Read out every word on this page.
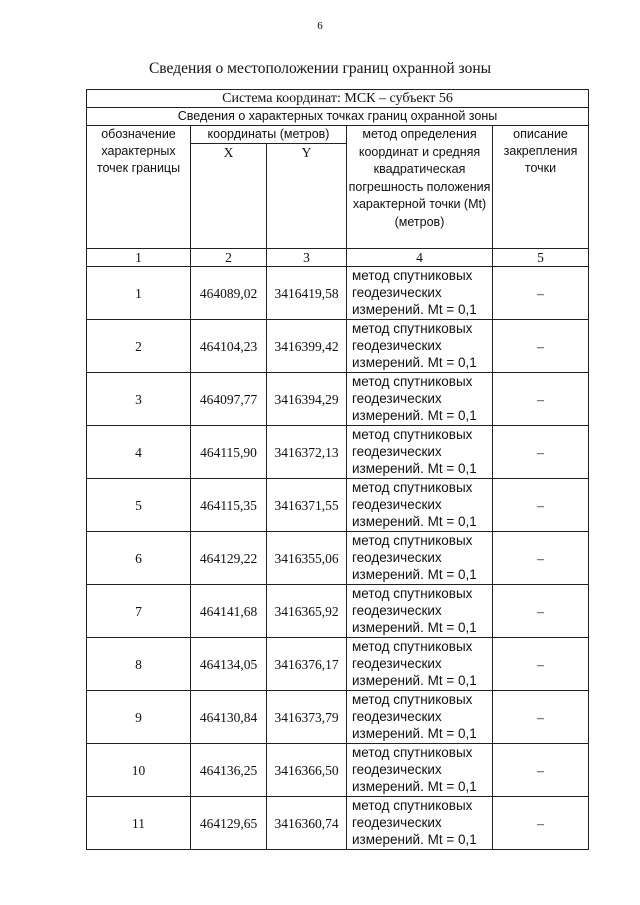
6
Сведения о местоположении границ охранной зоны
Система координат: МСК – субъект 56				
Сведения о характерных точках границ охранной зоны				
обозначение характерных точек границы	координаты (метров)		метод определения координат и средняя квадратическая погрешность положения характерной точки (Mt) (метров)	описание закрепления точки
	X	Y		
1	2	3	4	5
1	464089,02	3416419,58	метод спутниковых геодезических измерений. Mt = 0,1	–
2	464104,23	3416399,42	метод спутниковых геодезических измерений. Mt = 0,1	–
3	464097,77	3416394,29	метод спутниковых геодезических измерений. Mt = 0,1	–
4	464115,90	3416372,13	метод спутниковых геодезических измерений. Mt = 0,1	–
5	464115,35	3416371,55	метод спутниковых геодезических измерений. Mt = 0,1	–
6	464129,22	3416355,06	метод спутниковых геодезических измерений. Mt = 0,1	–
7	464141,68	3416365,92	метод спутниковых геодезических измерений. Mt = 0,1	–
8	464134,05	3416376,17	метод спутниковых геодезических измерений. Mt = 0,1	–
9	464130,84	3416373,79	метод спутниковых геодезических измерений. Mt = 0,1	–
10	464136,25	3416366,50	метод спутниковых геодезических измерений. Mt = 0,1	–
11	464129,65	3416360,74	метод спутниковых геодезических измерений. Mt = 0,1	–
